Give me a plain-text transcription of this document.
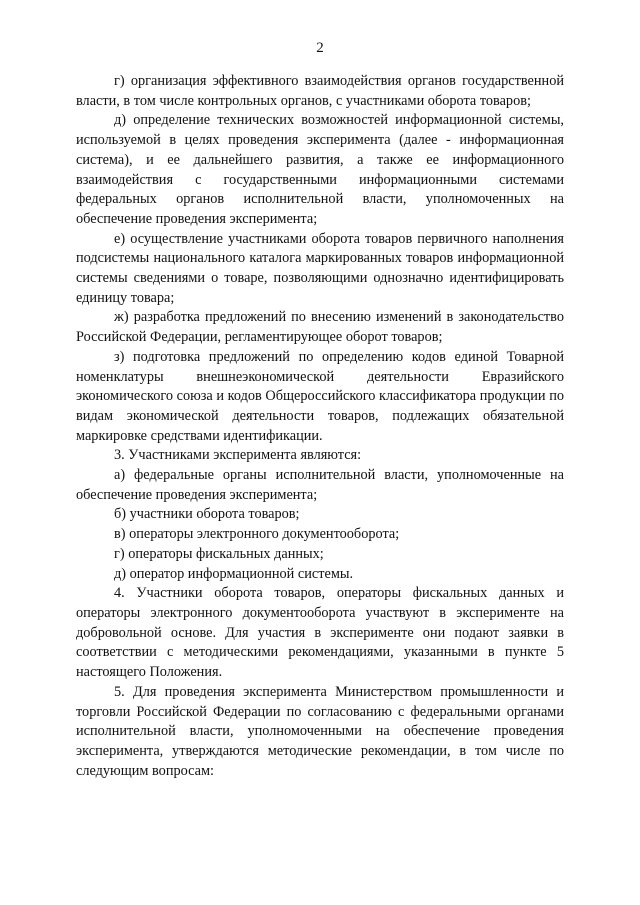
2

г) организация эффективного взаимодействия органов государственной власти, в том числе контрольных органов, с участниками оборота товаров;

д) определение технических возможностей информационной системы, используемой в целях проведения эксперимента (далее - информационная система), и ее дальнейшего развития, а также ее информационного взаимодействия с государственными информационными системами федеральных органов исполнительной власти, уполномоченных на обеспечение проведения эксперимента;

е) осуществление участниками оборота товаров первичного наполнения подсистемы национального каталога маркированных товаров информационной системы сведениями о товаре, позволяющими однозначно идентифицировать единицу товара;

ж) разработка предложений по внесению изменений в законодательство Российской Федерации, регламентирующее оборот товаров;

з) подготовка предложений по определению кодов единой Товарной номенклатуры внешнеэкономической деятельности Евразийского экономического союза и кодов Общероссийского классификатора продукции по видам экономической деятельности товаров, подлежащих обязательной маркировке средствами идентификации.

3. Участниками эксперимента являются:

а) федеральные органы исполнительной власти, уполномоченные на обеспечение проведения эксперимента;

б) участники оборота товаров;

в) операторы электронного документооборота;

г) операторы фискальных данных;

д) оператор информационной системы.

4. Участники оборота товаров, операторы фискальных данных и операторы электронного документооборота участвуют в эксперименте на добровольной основе. Для участия в эксперименте они подают заявки в соответствии с методическими рекомендациями, указанными в пункте 5 настоящего Положения.

5. Для проведения эксперимента Министерством промышленности и торговли Российской Федерации по согласованию с федеральными органами исполнительной власти, уполномоченными на обеспечение проведения эксперимента, утверждаются методические рекомендации, в том числе по следующим вопросам:
